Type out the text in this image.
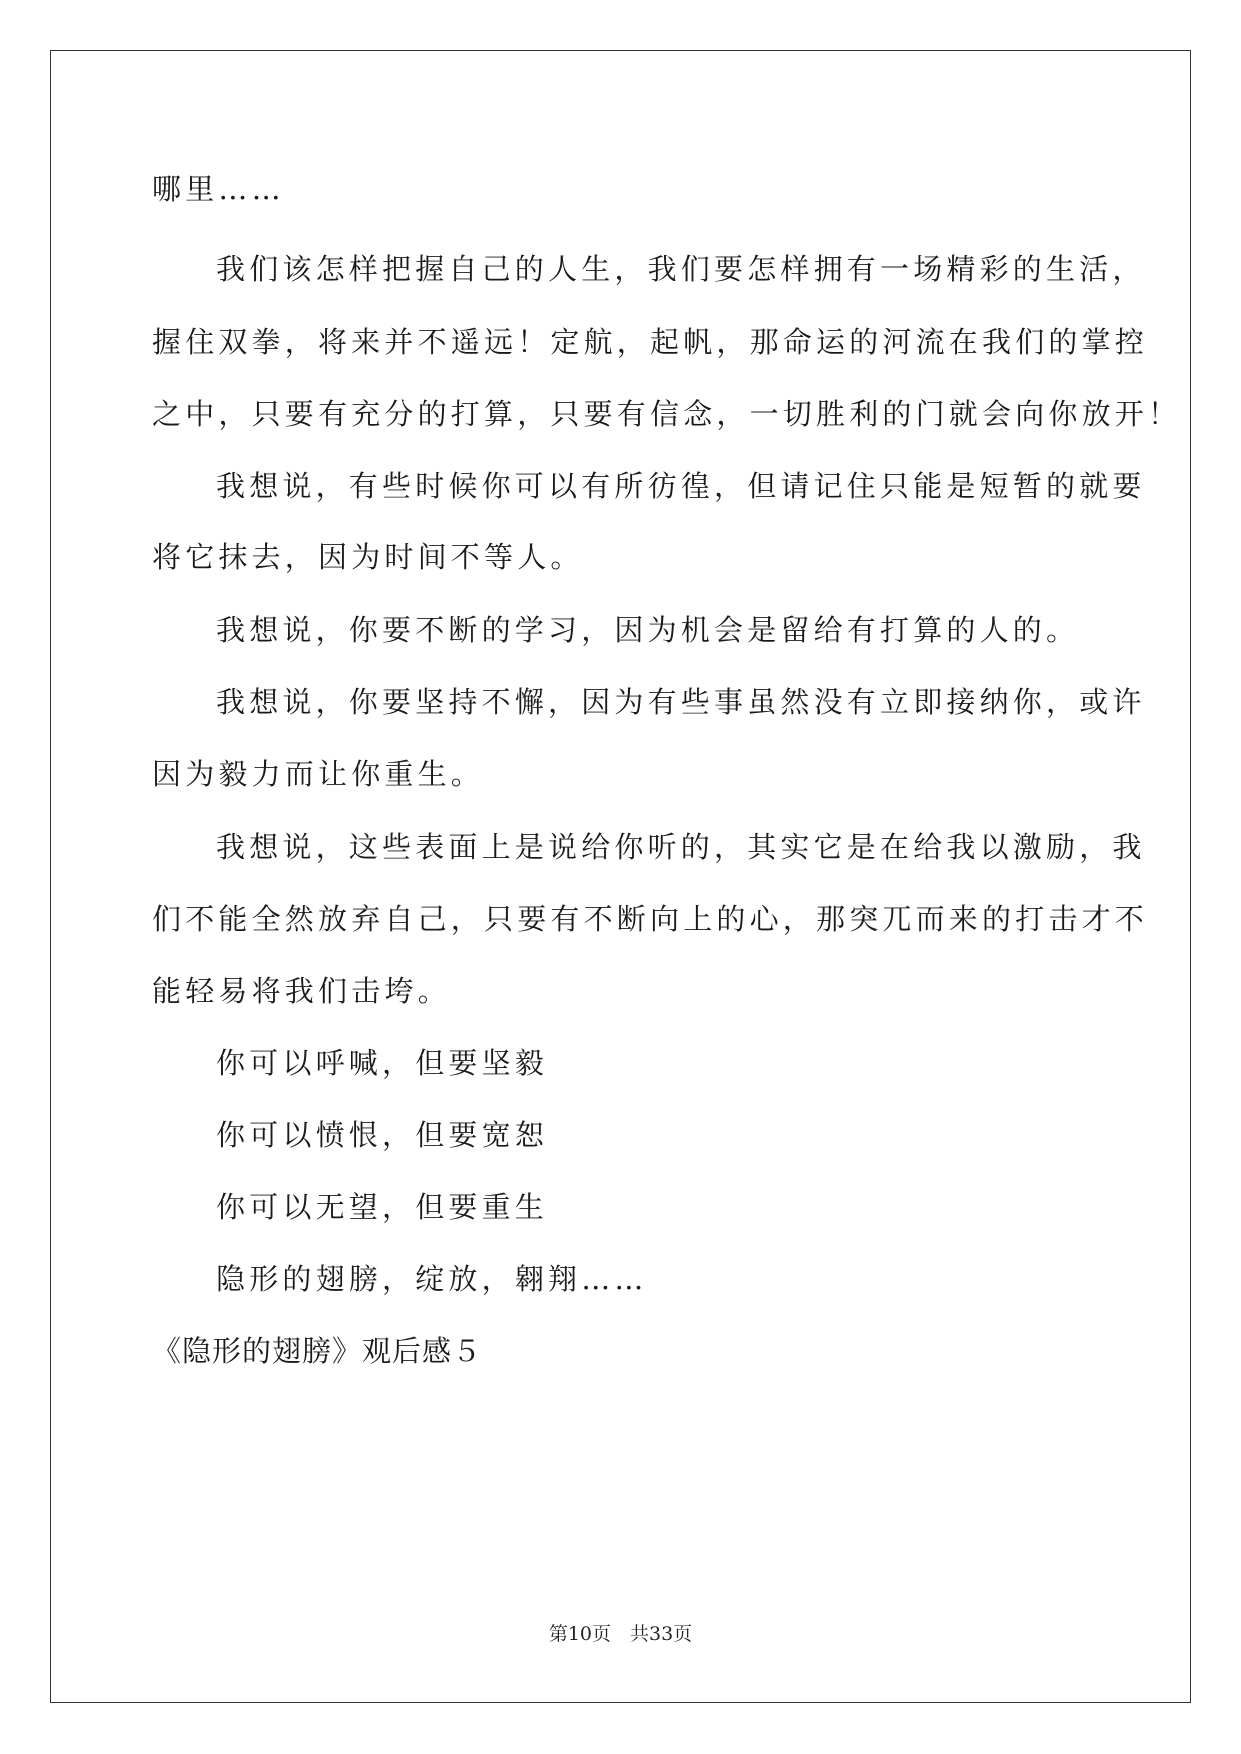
哪里……
我们该怎样把握自己的人生，我们要怎样拥有一场精彩的生活，
握住双拳，将来并不遥远！定航，起帆，那命运的河流在我们的掌控
之中，只要有充分的打算，只要有信念，一切胜利的门就会向你放开！
我想说，有些时候你可以有所彷徨，但请记住只能是短暂的就要
将它抹去，因为时间不等人。
我想说，你要不断的学习，因为机会是留给有打算的人的。
我想说，你要坚持不懈，因为有些事虽然没有立即接纳你，或许
因为毅力而让你重生。
我想说，这些表面上是说给你听的，其实它是在给我以激励，我
们不能全然放弃自己，只要有不断向上的心，那突兀而来的打击才不
能轻易将我们击垮。
你可以呼喊，但要坚毅
你可以愤恨，但要宽恕
你可以无望，但要重生
隐形的翅膀，绽放，翱翔……
《隐形的翅膀》观后感５
第10页　共33页
